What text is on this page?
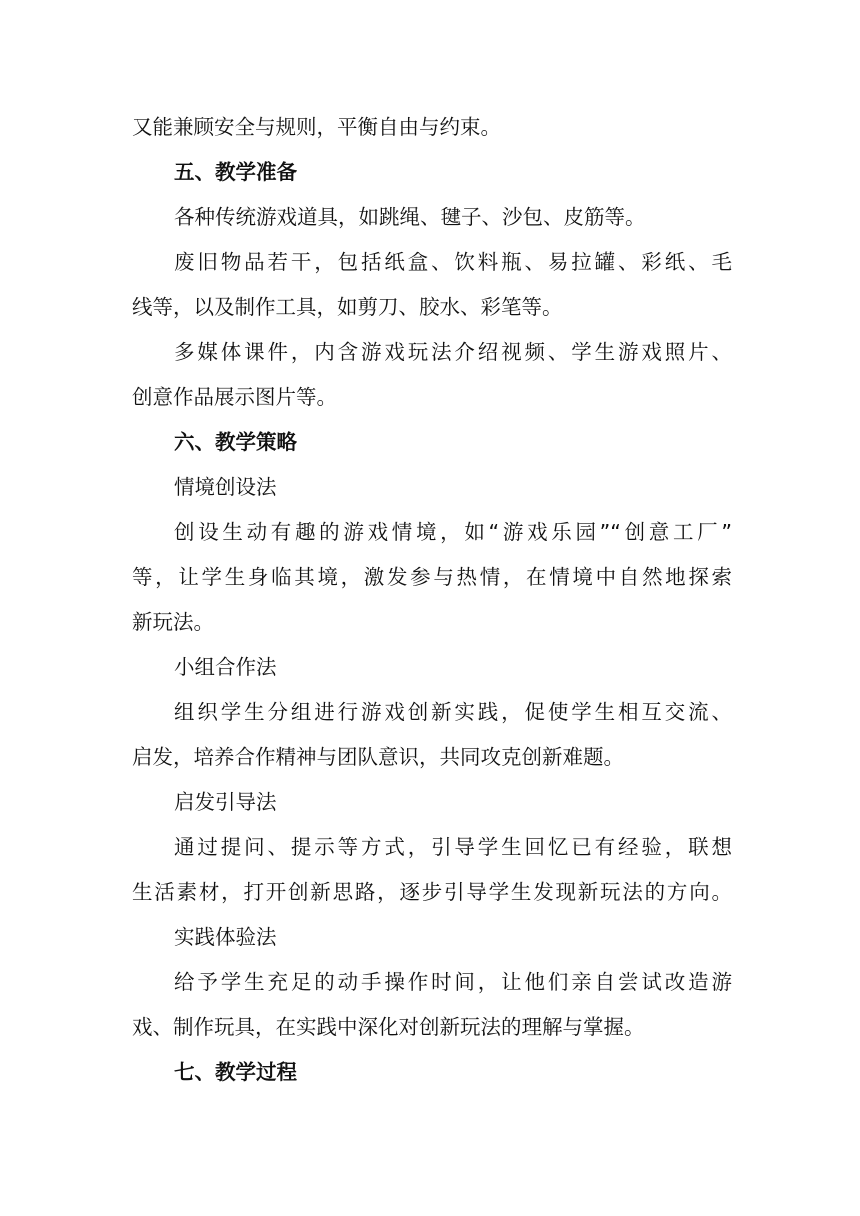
又能兼顾安全与规则，平衡自由与约束。
五、教学准备
各种传统游戏道具，如跳绳、毽子、沙包、皮筋等。
废旧物品若干，包括纸盒、饮料瓶、易拉罐、彩纸、毛
线等，以及制作工具，如剪刀、胶水、彩笔等。
多媒体课件，内含游戏玩法介绍视频、学生游戏照片、
创意作品展示图片等。
六、教学策略
情境创设法
创设生动有趣的游戏情境，如“游戏乐园”“创意工厂”
等，让学生身临其境，激发参与热情，在情境中自然地探索
新玩法。
小组合作法
组织学生分组进行游戏创新实践，促使学生相互交流、
启发，培养合作精神与团队意识，共同攻克创新难题。
启发引导法
通过提问、提示等方式，引导学生回忆已有经验，联想
生活素材，打开创新思路，逐步引导学生发现新玩法的方向。
实践体验法
给予学生充足的动手操作时间，让他们亲自尝试改造游
戏、制作玩具，在实践中深化对创新玩法的理解与掌握。
七、教学过程
